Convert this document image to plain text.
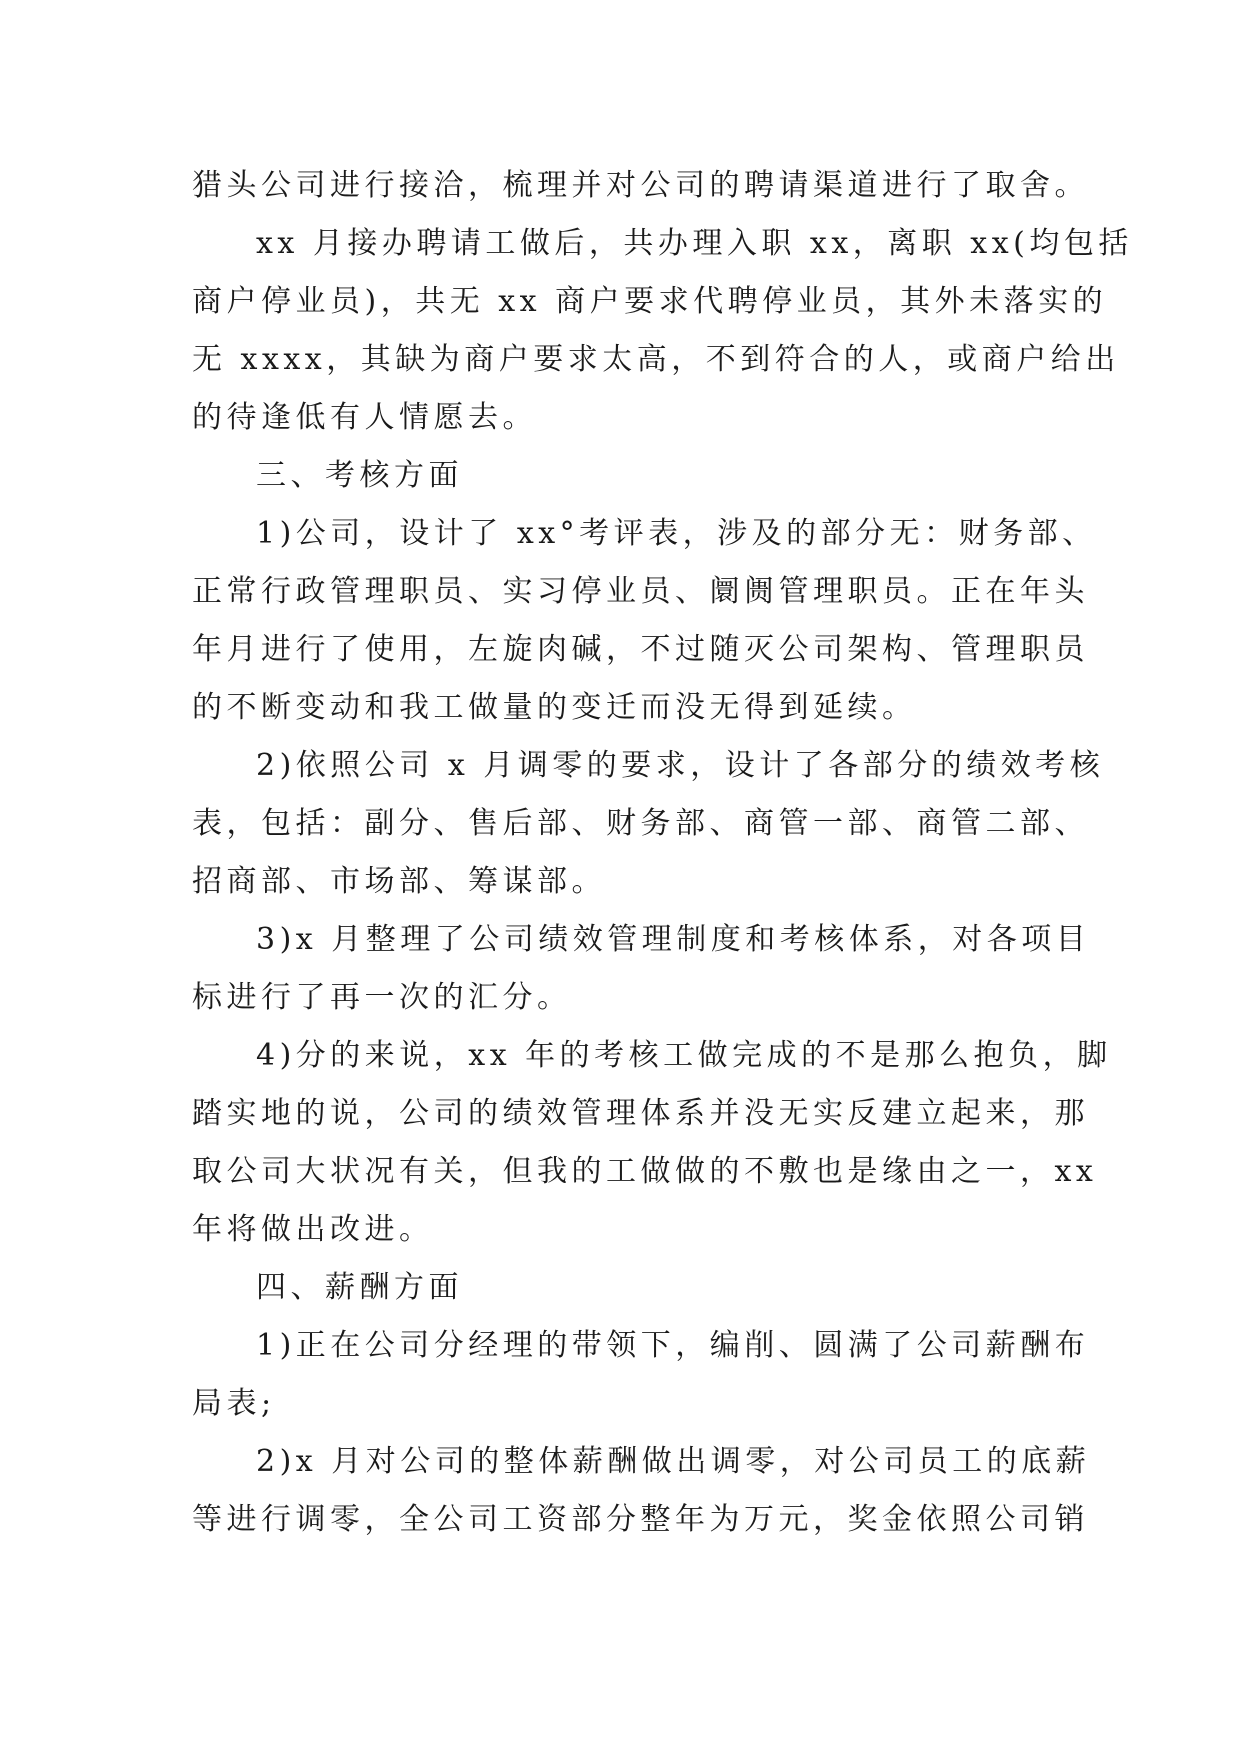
猎头公司进行接洽，梳理并对公司的聘请渠道进行了取舍。
xx 月接办聘请工做后，共办理入职 xx，离职 xx(均包括
商户停业员)，共无 xx 商户要求代聘停业员，其外未落实的
无 xxxx，其缺为商户要求太高，不到符合的人，或商户给出
的待逢低有人情愿去。
三、考核方面
1)公司，设计了 xx°考评表，涉及的部分无：财务部、
正常行政管理职员、实习停业员、阛阓管理职员。正在年头
年月进行了使用，左旋肉碱，不过随灭公司架构、管理职员
的不断变动和我工做量的变迁而没无得到延续。
2)依照公司 x 月调零的要求，设计了各部分的绩效考核
表，包括：副分、售后部、财务部、商管一部、商管二部、
招商部、市场部、筹谋部。
3)x 月整理了公司绩效管理制度和考核体系，对各项目
标进行了再一次的汇分。
4)分的来说，xx 年的考核工做完成的不是那么抱负，脚
踏实地的说，公司的绩效管理体系并没无实反建立起来，那
取公司大状况有关，但我的工做做的不敷也是缘由之一，xx
年将做出改进。
四、薪酬方面
1)正在公司分经理的带领下，编削、圆满了公司薪酬布
局表;
2)x 月对公司的整体薪酬做出调零，对公司员工的底薪
等进行调零，全公司工资部分整年为万元，奖金依照公司销
